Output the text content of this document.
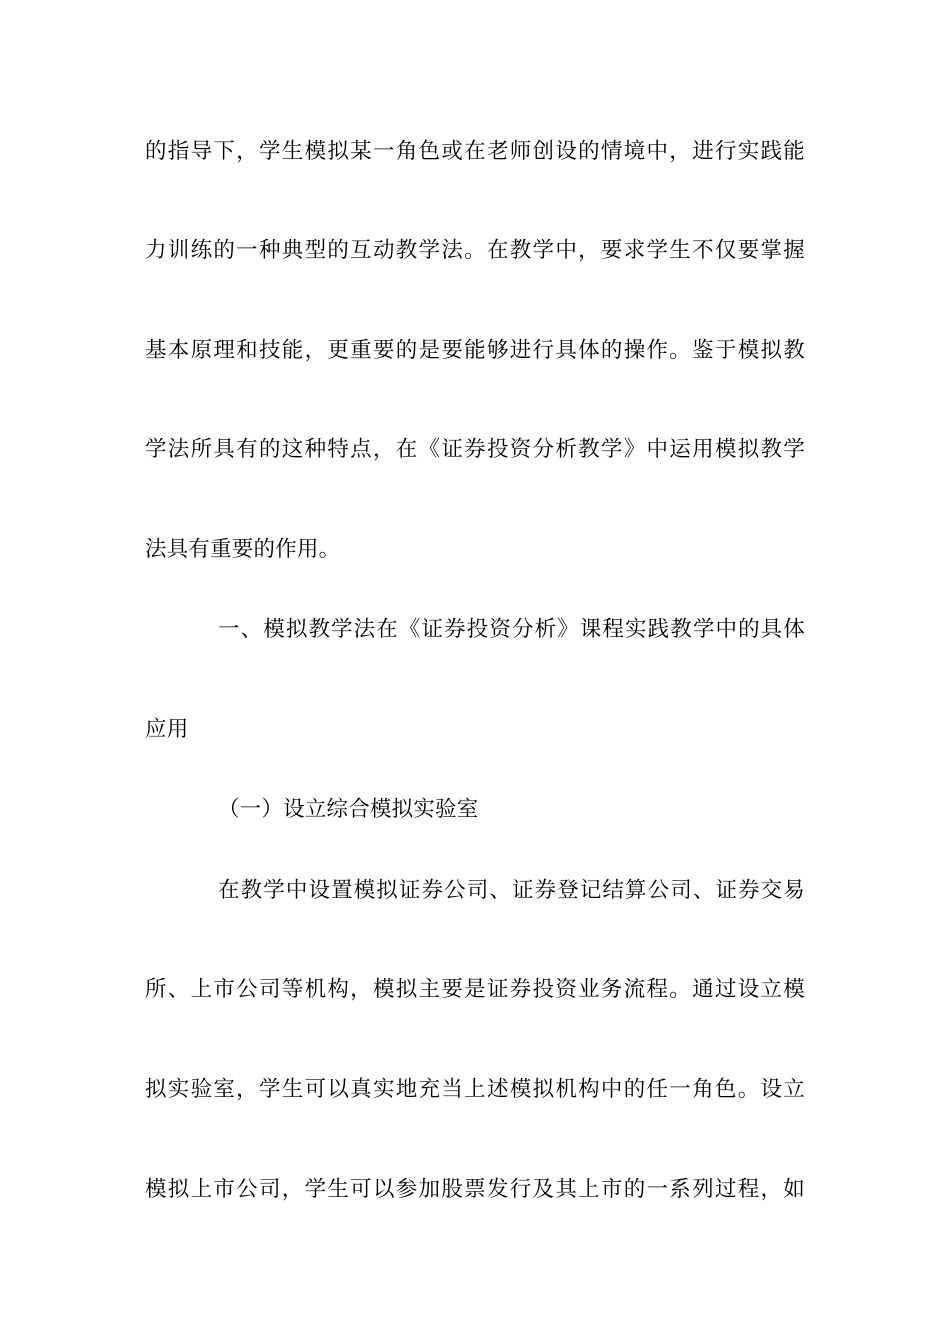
的指导下，学生模拟某一角色或在老师创设的情境中，进行实践能
力训练的一种典型的互动教学法。在教学中，要求学生不仅要掌握
基本原理和技能，更重要的是要能够进行具体的操作。鉴于模拟教
学法所具有的这种特点，在《证券投资分析教学》中运用模拟教学
法具有重要的作用。
一、模拟教学法在《证券投资分析》课程实践教学中的具体
应用
（一）设立综合模拟实验室
在教学中设置模拟证券公司、证券登记结算公司、证券交易
所、上市公司等机构，模拟主要是证券投资业务流程。通过设立模
拟实验室，学生可以真实地充当上述模拟机构中的任一角色。设立
模拟上市公司，学生可以参加股票发行及其上市的一系列过程，如
